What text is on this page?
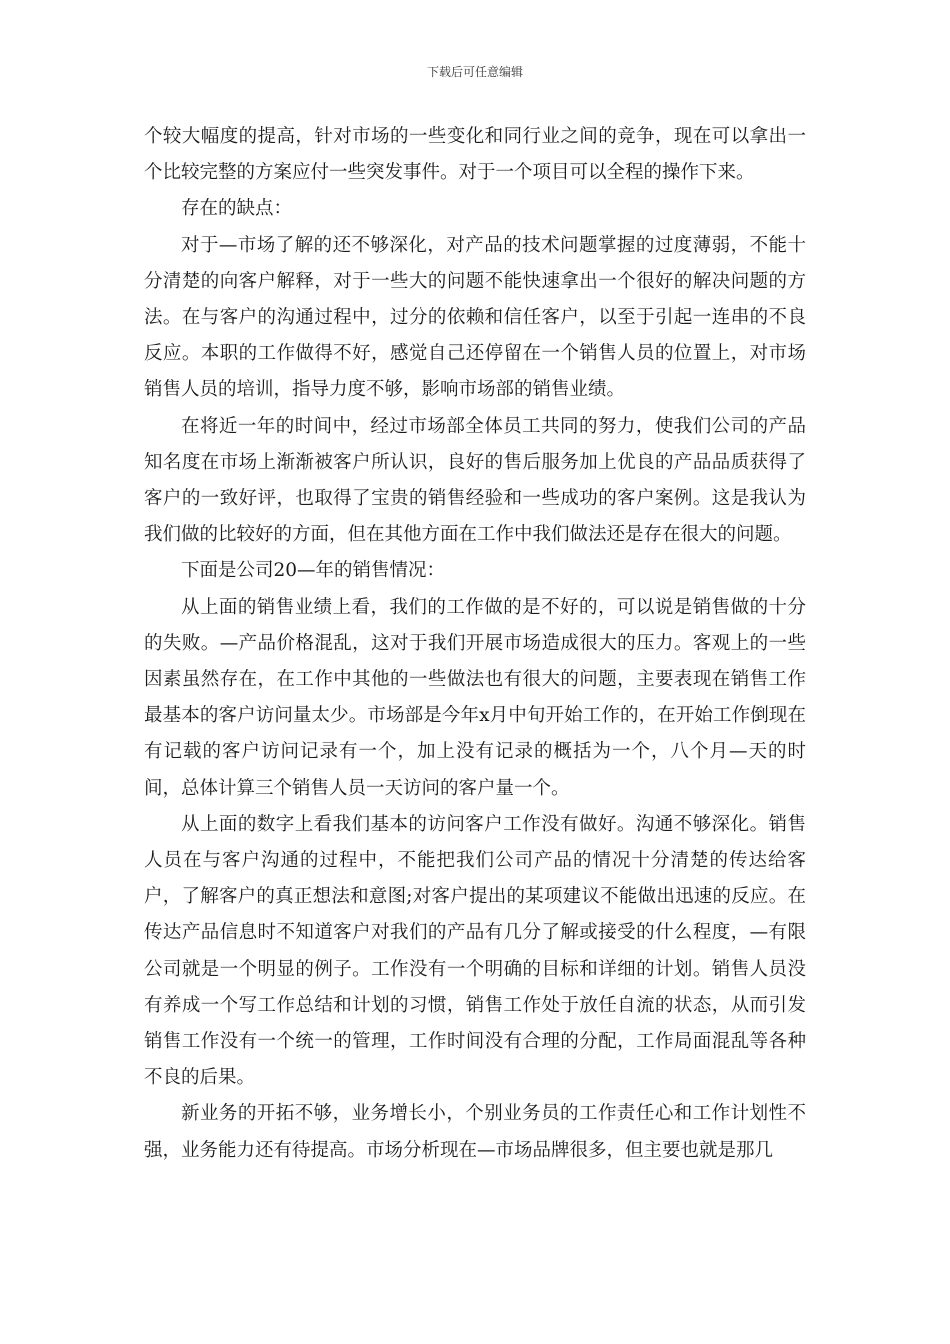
下载后可任意编辑

个较大幅度的提高，针对市场的一些变化和同行业之间的竞争，现在可以拿出一个比较完整的方案应付一些突发事件。对于一个项目可以全程的操作下来。

存在的缺点：

对于—市场了解的还不够深化，对产品的技术问题掌握的过度薄弱，不能十分清楚的向客户解释，对于一些大的问题不能快速拿出一个很好的解决问题的方法。在与客户的沟通过程中，过分的依赖和信任客户，以至于引起一连串的不良反应。本职的工作做得不好，感觉自己还停留在一个销售人员的位置上，对市场销售人员的培训，指导力度不够，影响市场部的销售业绩。

在将近一年的时间中，经过市场部全体员工共同的努力，使我们公司的产品知名度在市场上渐渐被客户所认识，良好的售后服务加上优良的产品品质获得了客户的一致好评，也取得了宝贵的销售经验和一些成功的客户案例。这是我认为我们做的比较好的方面，但在其他方面在工作中我们做法还是存在很大的问题。

下面是公司20—年的销售情况：

从上面的销售业绩上看，我们的工作做的是不好的，可以说是销售做的十分的失败。—产品价格混乱，这对于我们开展市场造成很大的压力。客观上的一些因素虽然存在，在工作中其他的一些做法也有很大的问题，主要表现在销售工作最基本的客户访问量太少。市场部是今年x月中旬开始工作的，在开始工作倒现在有记载的客户访问记录有一个，加上没有记录的概括为一个，八个月—天的时间，总体计算三个销售人员一天访问的客户量一个。

从上面的数字上看我们基本的访问客户工作没有做好。沟通不够深化。销售人员在与客户沟通的过程中，不能把我们公司产品的情况十分清楚的传达给客户，了解客户的真正想法和意图;对客户提出的某项建议不能做出迅速的反应。在传达产品信息时不知道客户对我们的产品有几分了解或接受的什么程度，—有限公司就是一个明显的例子。工作没有一个明确的目标和详细的计划。销售人员没有养成一个写工作总结和计划的习惯，销售工作处于放任自流的状态，从而引发销售工作没有一个统一的管理，工作时间没有合理的分配，工作局面混乱等各种不良的后果。

新业务的开拓不够，业务增长小，个别业务员的工作责任心和工作计划性不强，业务能力还有待提高。市场分析现在—市场品牌很多，但主要也就是那几
